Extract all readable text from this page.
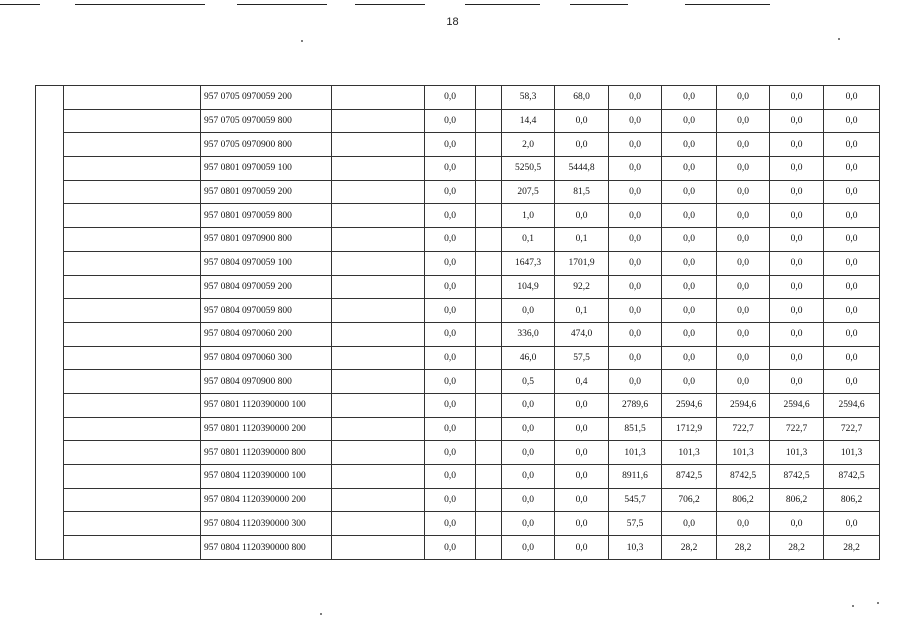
18
		957 0705 0970059 200		0,0		58,3	68,0	0,0	0,0	0,0	0,0	0,0
		957 0705 0970059 800		0,0		14,4	0,0	0,0	0,0	0,0	0,0	0,0
		957 0705 0970900 800		0,0		2,0	0,0	0,0	0,0	0,0	0,0	0,0
		957 0801 0970059 100		0,0		5250,5	5444,8	0,0	0,0	0,0	0,0	0,0
		957 0801 0970059 200		0,0		207,5	81,5	0,0	0,0	0,0	0,0	0,0
		957 0801 0970059 800		0,0		1,0	0,0	0,0	0,0	0,0	0,0	0,0
		957 0801 0970900 800		0,0		0,1	0,1	0,0	0,0	0,0	0,0	0,0
		957 0804 0970059 100		0,0		1647,3	1701,9	0,0	0,0	0,0	0,0	0,0
		957 0804 0970059 200		0,0		104,9	92,2	0,0	0,0	0,0	0,0	0,0
		957 0804 0970059 800		0,0		0,0	0,1	0,0	0,0	0,0	0,0	0,0
		957 0804 0970060 200		0,0		336,0	474,0	0,0	0,0	0,0	0,0	0,0
		957 0804 0970060 300		0,0		46,0	57,5	0,0	0,0	0,0	0,0	0,0
		957 0804 0970900 800		0,0		0,5	0,4	0,0	0,0	0,0	0,0	0,0
		957 0801 1120390000 100		0,0		0,0	0,0	2789,6	2594,6	2594,6	2594,6	2594,6
		957 0801 1120390000 200		0,0		0,0	0,0	851,5	1712,9	722,7	722,7	722,7
		957 0801 1120390000 800		0,0		0,0	0,0	101,3	101,3	101,3	101,3	101,3
		957 0804 1120390000 100		0,0		0,0	0,0	8911,6	8742,5	8742,5	8742,5	8742,5
		957 0804 1120390000 200		0,0		0,0	0,0	545,7	706,2	806,2	806,2	806,2
		957 0804 1120390000 300		0,0		0,0	0,0	57,5	0,0	0,0	0,0	0,0
		957 0804 1120390000 800		0,0		0,0	0,0	10,3	28,2	28,2	28,2	28,2
